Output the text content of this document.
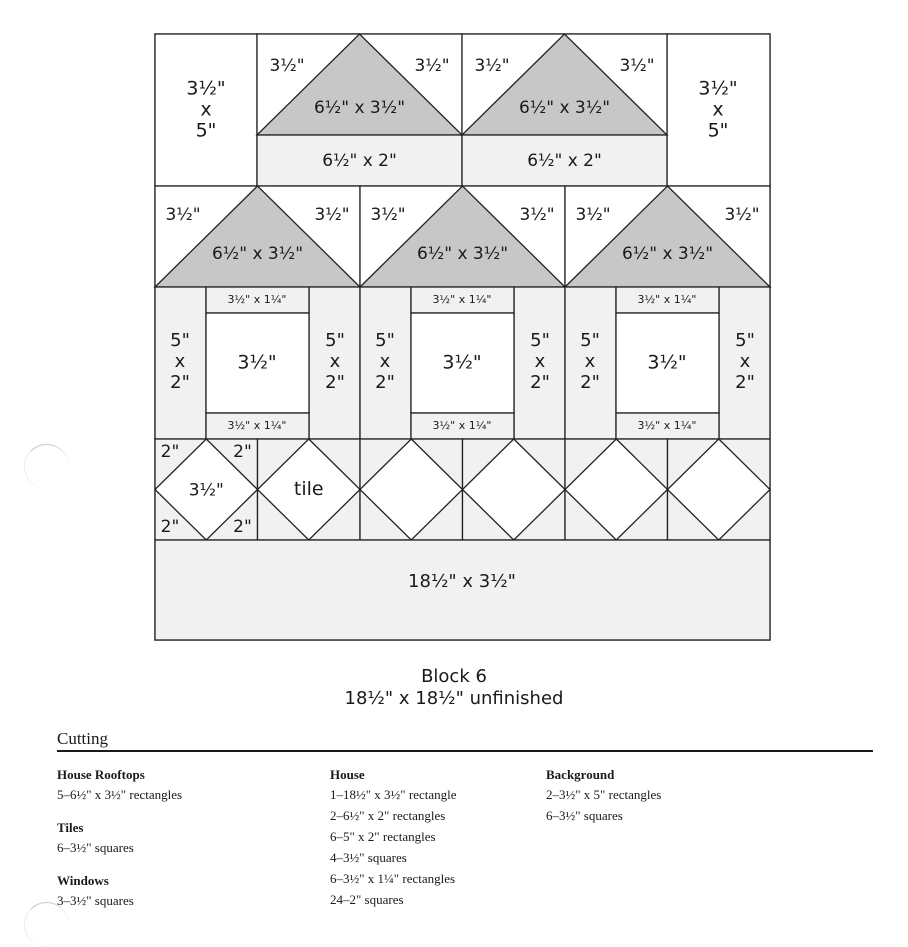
3½"
x
5"
3½"
x
5"
6½" x 3½"
3½"	3½"
6½" x 2"
6½" x 3½"
3½"	3½"
6½" x 2"
6½" x 3½"
3½"	3½"
6½" x 3½"
3½"	3½"
6½" x 3½"
3½"	3½"
5"
x
2"
5"
x
2"
3½" x 1¼"
3½"
3½" x 1¼"
5"
x
2"
5"
x
2"
3½" x 1¼"
3½"
3½" x 1¼"
5"
x
2"
5"
x
2"
3½" x 1¼"
3½"
3½" x 1¼"
3½"
2"	2"
2"	2"
tile
18½" x 3½"
Block 6
18½" x 18½" unfinished
Cutting
House Rooftops
5–6½" x 3½" rectangles
Tiles
6–3½" squares
Windows
3–3½" squares
House
1–18½" x 3½" rectangle
2–6½" x 2" rectangles
6–5" x 2" rectangles
4–3½" squares
6–3½" x 1¼" rectangles
24–2" squares
Background
2–3½" x 5" rectangles
6–3½" squares
